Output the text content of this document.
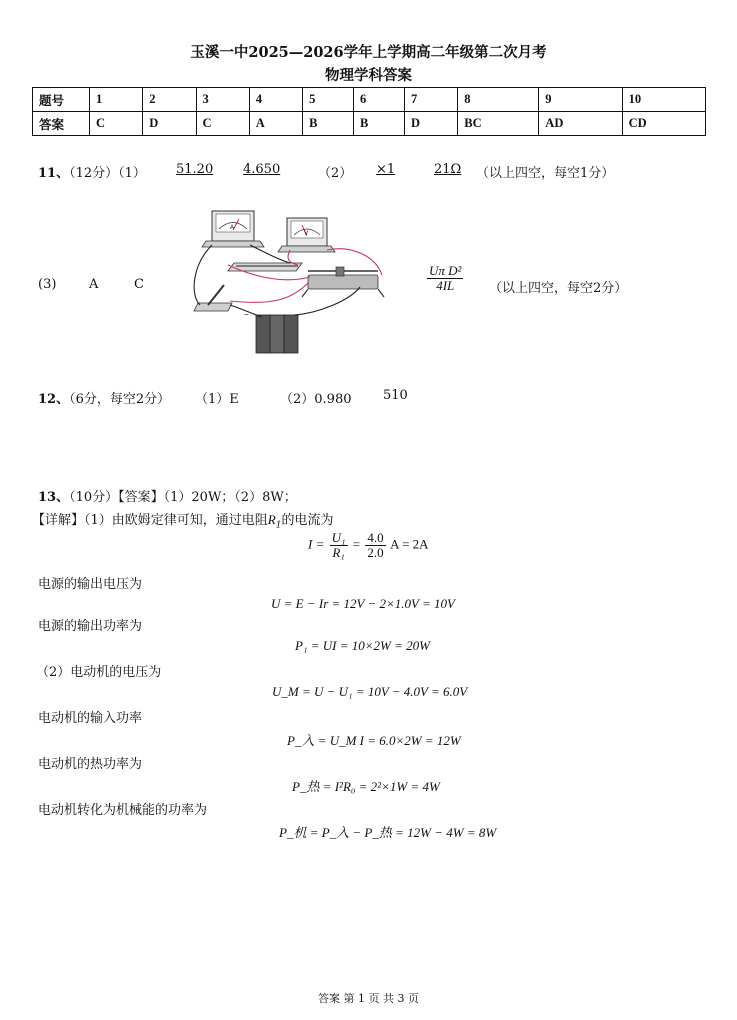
玉溪一中2025—2026学年上学期高二年级第二次月考
物理学科答案
题号	1	2	3	4	5	6	7	8	9	10
答案	C	D	C	A	B	B	D	BC	AD	CD
11、（12分）（1） 51.20 4.650	（2） ×1	21Ω （以上四空，每空1分）
(3)	A	C
A
V
−
$\frac{\text{Uπ D²}}{4IL}$ （以上四空，每空2分）
12、（6分，每空2分） （1）E	（2）0.980 510
13、（10分）【答案】（1）20W；（2）8W；
【详解】（1）由欧姆定律可知，通过电阻$R_1$的电流为
$I = \frac{\text{U₁}}{\text{R₁}} = \frac{4.0}{2.0}$ A = 2A
电源的输出电压为
U = E − Ir = 12V − 2×1.0V = 10V
电源的输出功率为
P₁ = UI = 10×2W = 20W
（2）电动机的电压为
U_M = U − U₁ = 10V − 4.0V = 6.0V
电动机的输入功率
P_入 = U_M I = 6.0×2W = 12W
电动机的热功率为
P_热 = I²R₀ = 2²×1W = 4W
电动机转化为机械能的功率为
P_机 = P_入 − P_热 = 12W − 4W = 8W
答案 第 1 页 共 3 页
